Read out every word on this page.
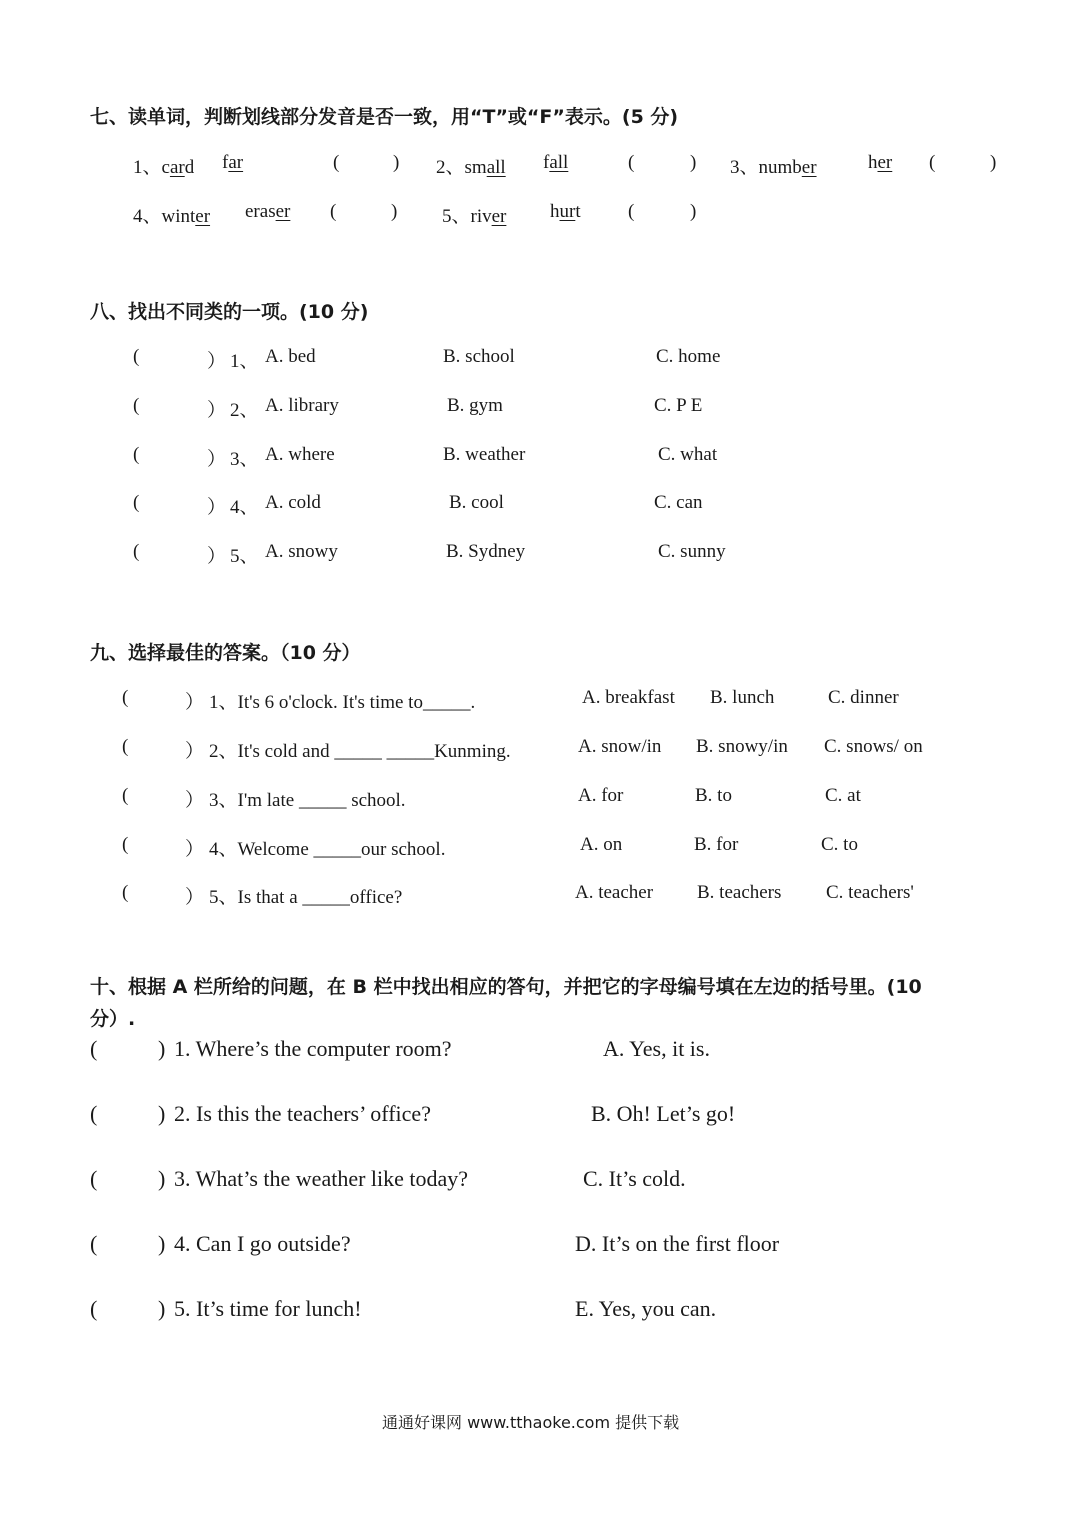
七、读单词，判断划线部分发音是否一致，用“T”或“F”表示。(5 分)
1、card far	(	) 2、small fall	(	) 3、number	her (	)
4、winter eraser (	) 5、river hurt (	)
八、找出不同类的一项。(10 分)
(	） 1、 A. bed	B. school	C. home
(	） 2、 A. library	B. gym	C. P E
(	） 3、 A. where	B. weather	C. what
(	） 4、 A. cold	B. cool	C. can
(	） 5、 A. snowy	B. Sydney	C. sunny
九、选择最佳的答案。（10 分）
(	） 1、It's 6 o'clock. It's time to_____.	A. breakfast B. lunch	C. dinner
(	） 2、It's cold and _____ _____Kunming.	A. snow/in B. snowy/in C. snows/ on
(	） 3、I'm late _____ school.	A. for	B. to	C. at
(	） 4、Welcome _____our school.	A. on	B. for	C. to
(	） 5、Is that a _____office?	A. teacher B. teachers C. teachers'
十、根据 A 栏所给的问题，在 B 栏中找出相应的答句，并把它的字母编号填在左边的括号里。(10
分）.
(	) 1. Where’s the computer room?	A. Yes, it is.
(	) 2. Is this the teachers’ office?	B. Oh! Let’s go!
(	) 3. What’s the weather like today?	C. It’s cold.
(	) 4. Can I go outside?	D. It’s on the first floor
(	) 5. It’s time for lunch!	E. Yes, you can.
通通好课网 www.tthaoke.com 提供下载
